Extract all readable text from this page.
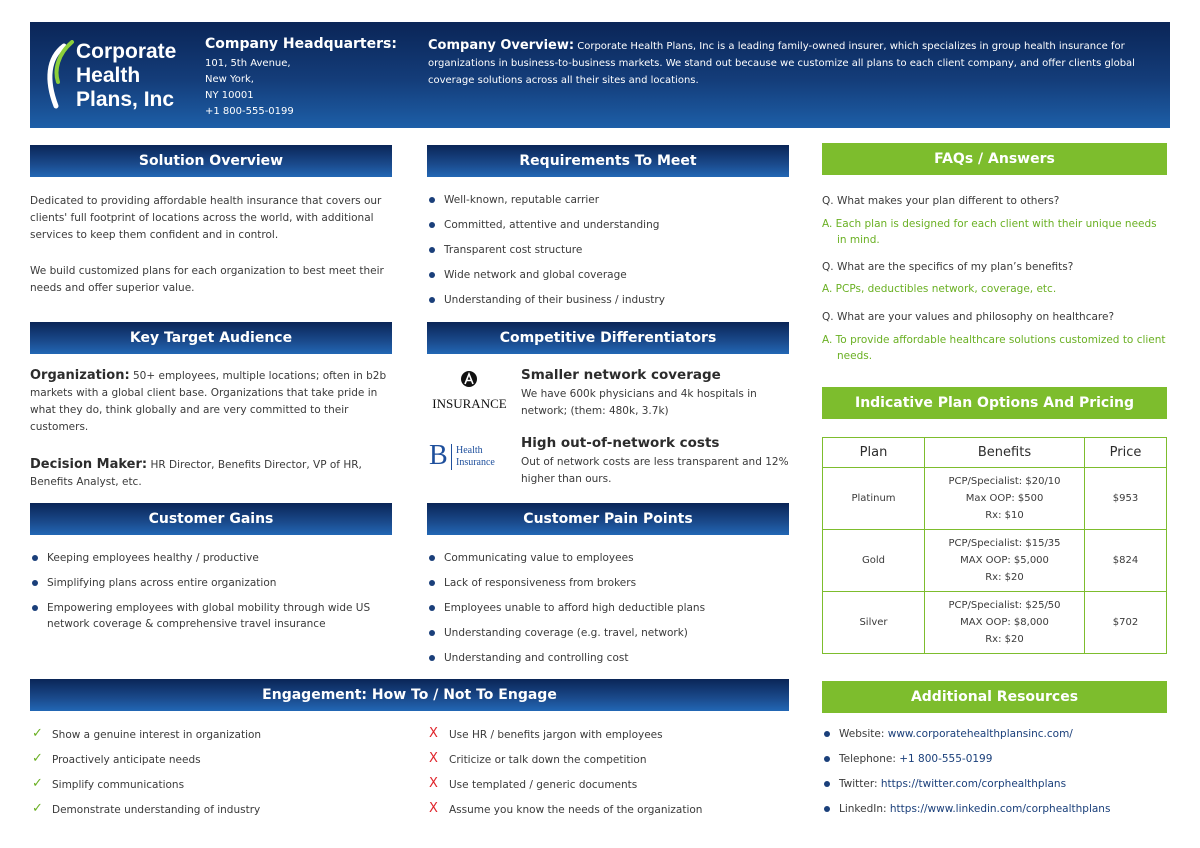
Corporate
Health
Plans, Inc
Company Headquarters:
101, 5th Avenue,
New York,
NY 10001
+1 800-555-0199
Company Overview: Corporate Health Plans, Inc is a leading family-owned insurer, which specializes in group health insurance for organizations in business-to-business markets. We stand out because we customize all plans to each client company, and offer clients global coverage solutions across all their sites and locations.
Solution Overview
Dedicated to providing affordable health insurance that covers our clients' full footprint of locations across the world, with additional services to keep them confident and in control.
We build customized plans for each organization to best meet their needs and offer superior value.
Key Target Audience
Organization: 50+ employees, multiple locations; often in b2b markets with a global client base. Organizations that take pride in what they do, think globally and are very committed to their customers.
Decision Maker: HR Director, Benefits Director, VP of HR, Benefits Analyst, etc.
Customer Gains
Keeping employees healthy / productive
Simplifying plans across entire organization
Empowering employees with global mobility through wide US network coverage & comprehensive travel insurance
Requirements To Meet
Well-known, reputable carrier
Committed, attentive and understanding
Transparent cost structure
Wide network and global coverage
Understanding of their business / industry
Competitive Differentiators
INSURANCE
Smaller network coverage
We have 600k physicians and 4k hospitals in network; (them: 480k, 3.7k)
B Health
Insurance
High out-of-network costs
Out of network costs are less transparent and 12% higher than ours.
Customer Pain Points
Communicating value to employees
Lack of responsiveness from brokers
Employees unable to afford high deductible plans
Understanding coverage (e.g. travel, network)
Understanding and controlling cost
FAQs / Answers
Q. What makes your plan different to others?
A. Each plan is designed for each client with their unique needs in mind.
Q. What are the specifics of my plan’s benefits?
A. PCPs, deductibles network, coverage, etc.
Q. What are your values and philosophy on healthcare?
A. To provide affordable healthcare solutions customized to client needs.
Indicative Plan Options And Pricing
Plan	Benefits	Price
Platinum	PCP/Specialist: $20/10
Max OOP: $500
Rx: $10	$953
Gold	PCP/Specialist: $15/35
MAX OOP: $5,000
Rx: $20	$824
Silver	PCP/Specialist: $25/50
MAX OOP: $8,000
Rx: $20	$702
Engagement: How To / Not To Engage
✓ Show a genuine interest in organization
✓ Proactively anticipate needs
✓ Simplify communications
✓ Demonstrate understanding of industry
X Use HR / benefits jargon with employees
X Criticize or talk down the competition
X Use templated / generic documents
X Assume you know the needs of the organization
Additional Resources
Website: www.corporatehealthplansinc.com/
Telephone: +1 800-555-0199
Twitter: https://twitter.com/corphealthplans
LinkedIn: https://www.linkedin.com/corphealthplans
